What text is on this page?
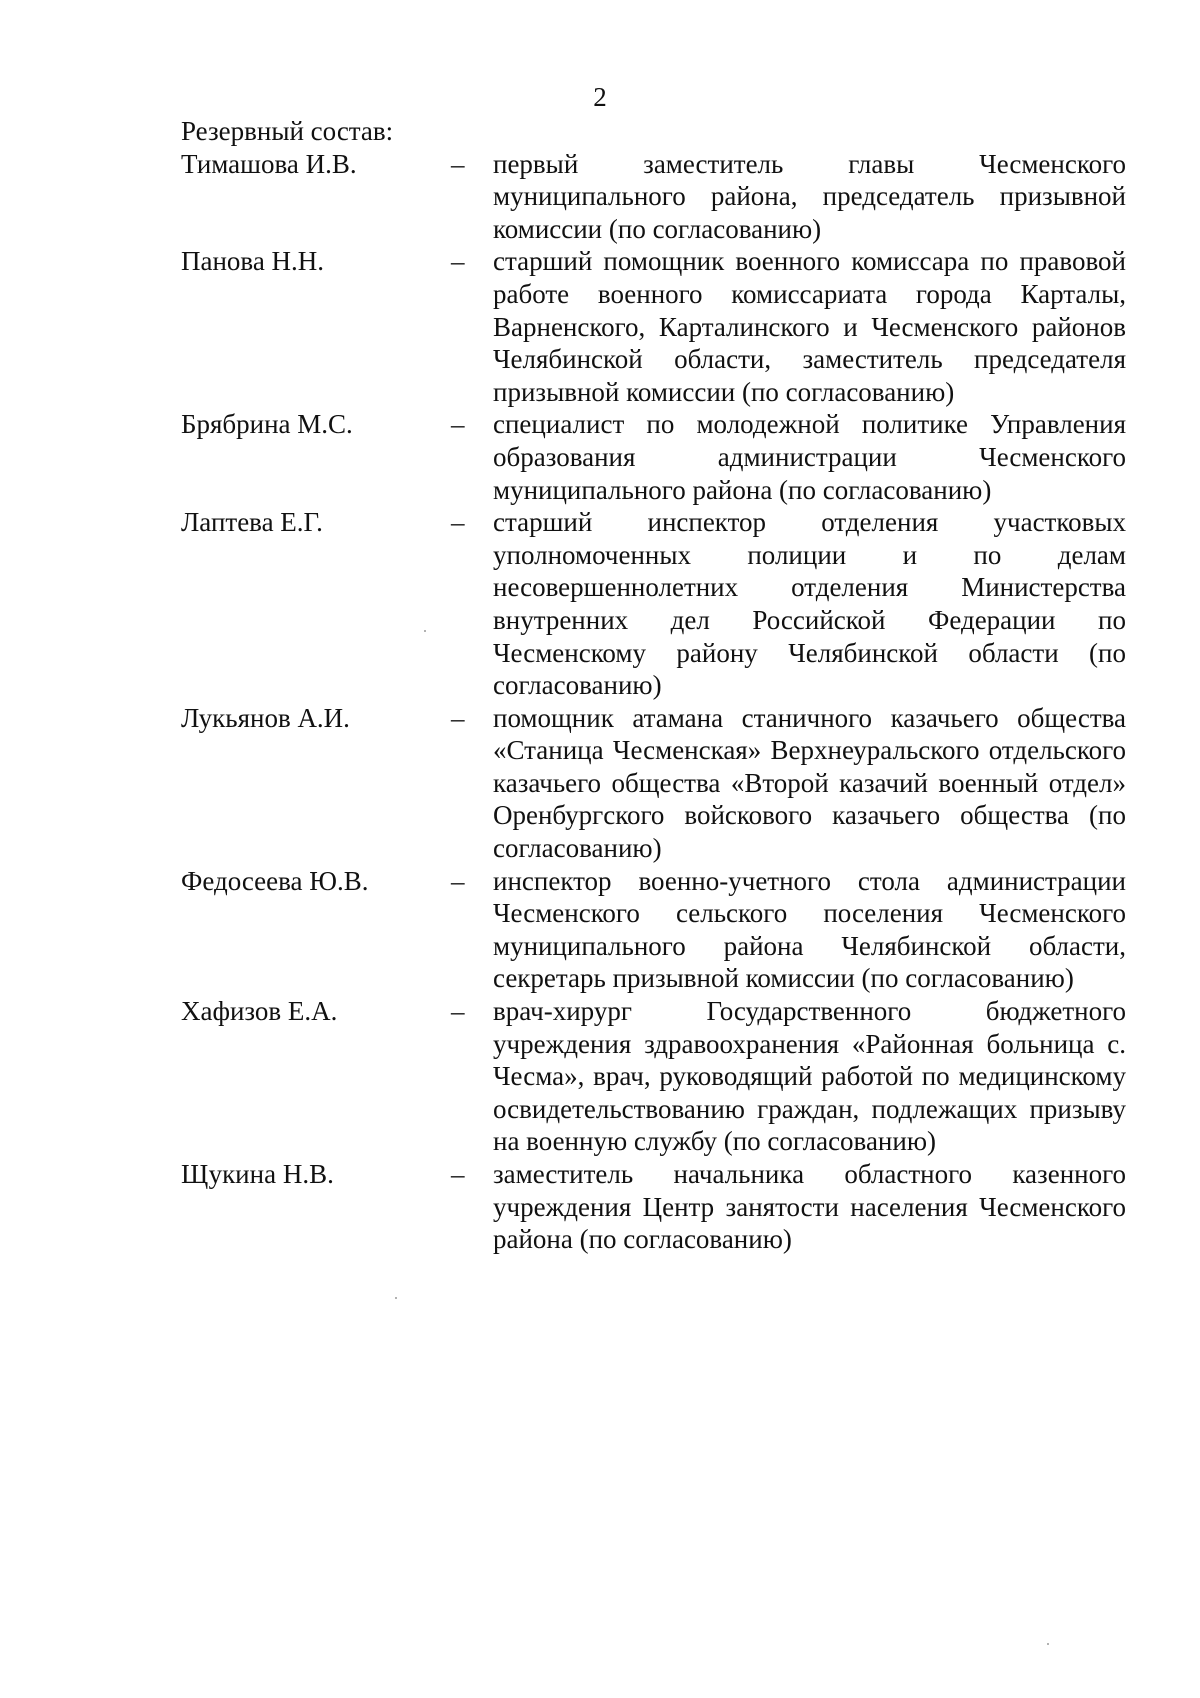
2
Резервный состав:
Тимашова И.В.	–	первый заместитель главы Чесменского муниципального района, председатель призывной комиссии (по согласованию)
Панова Н.Н.	–	старший помощник военного комиссара по правовой работе военного комиссариата города Карталы, Варненского, Карталинского и Чесменского районов Челябинской области, заместитель председателя призывной комиссии (по согласованию)
Брябрина М.С.	–	специалист по молодежной политике Управления образования администрации Чесменского муниципального района (по согласованию)
Лаптева Е.Г.	–	старший инспектор отделения участковых уполномоченных полиции и по делам несовершеннолетних отделения Министерства внутренних дел Российской Федерации по Чесменскому району Челябинской области (по согласованию)
Лукьянов А.И.	–	помощник атамана станичного казачьего общества «Станица Чесменская» Верхнеуральского отдельского казачьего общества «Второй казачий военный отдел» Оренбургского войскового казачьего общества (по согласованию)
Федосеева Ю.В.	–	инспектор военно-учетного стола администрации Чесменского сельского поселения Чесменского муниципального района Челябинской области, секретарь призывной комиссии (по согласованию)
Хафизов Е.А.	–	врач-хирург Государственного бюджетного учреждения здравоохранения «Районная больница с. Чесма», врач, руководящий работой по медицинскому освидетельствованию граждан, подлежащих призыву на военную службу (по согласованию)
Щукина Н.В.	–	заместитель начальника областного казенного учреждения Центр занятости населения Чесменского района (по согласованию)
